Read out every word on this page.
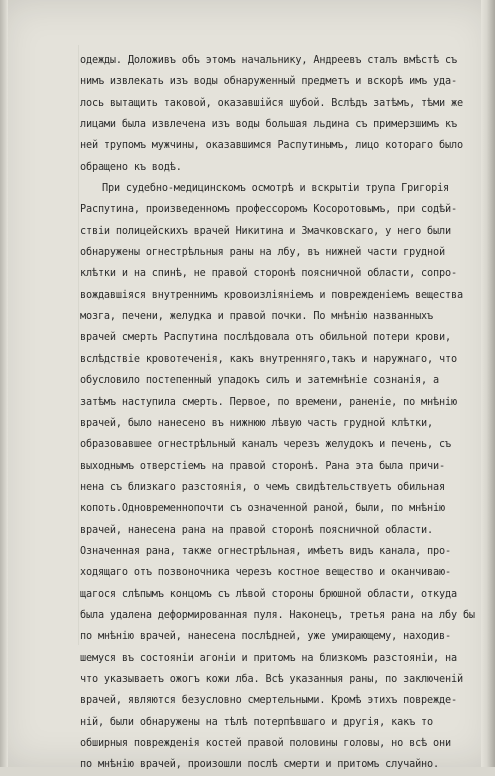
одежды. Доложивъ объ этомъ начальнику, Андреевъ сталъ вмѣстѣ съ
нимъ извлекать изъ воды обнаруженный предметъ и вскорѣ имъ уда-
лось вытащить таковой, оказавшійся шубой. Вслѣдъ затѣмъ, тѣми же
лицами была извлечена изъ воды большая льдина съ примерзшимъ къ
ней трупомъ мужчины, оказавшимся Распутинымъ, лицо котораго было
обращено къ водѣ.
При судебно-медицинскомъ осмотрѣ и вскрытіи трупа Григорія
Распутина, произведенномъ профессоромъ Косоротовымъ, при содѣй-
ствіи полицейскихъ врачей Никитина и Змачковскаго, у него были
обнаружены огнестрѣльныя раны на лбу, въ нижней части грудной
клѣтки и на спинѣ, не правой сторонѣ поясничной области, сопро-
вождавшіяся внутреннимъ кровоизліяніемъ и поврежденіемъ вещества
мозга, печени, желудка и правой почки. По мнѣнію названныхъ
врачей смерть Распутина послѣдовала отъ обильной потери крови,
вслѣдствіе кровотеченія, какъ внутренняго,такъ и наружнаго, что
обусловило постепенный упадокъ силъ и затемнѣніе сознанія, а
затѣмъ наступила смерть. Первое, по времени, раненіе, по мнѣнію
врачей, было нанесено въ нижнюю лѣвую часть грудной клѣтки,
образовавшее огнестрѣльный каналъ черезъ желудокъ и печень, съ
выходнымъ отверстіемъ на правой сторонѣ. Рана эта была причи-
нена съ близкаго разстоянія, о чемъ свидѣтельствуетъ обильная
копоть.Одновременнопочти съ означенной раной, были, по мнѣнію
врачей, нанесена рана на правой сторонѣ поясничной области.
Означенная рана, также огнестрѣльная, имѣетъ видъ канала, про-
ходящаго отъ позвоночника черезъ костное вещество и оканчиваю-
щагося слѣпымъ концомъ съ лѣвой стороны брюшной области, откуда
была удалена деформированная пуля. Наконецъ, третья рана на лбу бы
по мнѣнію врачей, нанесена послѣдней, уже умирающему, находив-
шемуся въ состояніи агоніи и притомъ на близкомъ разстояніи, на
что указываетъ ожогъ кожи лба. Всѣ указанныя раны, по заключеній
врачей, являются безусловно смертельными. Кромѣ этихъ поврежде-
ній, были обнаружены на тѣлѣ потерпѣвшаго и другія, какъ то
обширныя поврежденія костей правой половины головы, но всѣ они
по мнѣнію врачей, произошли послѣ смерти и притомъ случайно.
